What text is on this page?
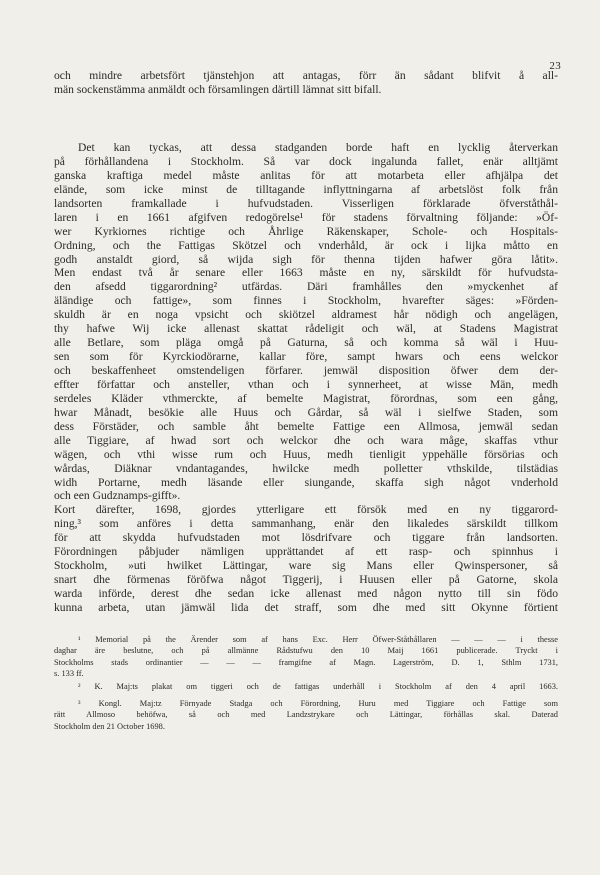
23
och mindre arbetsfört tjänstehjon att antagas, förr än sådant blifvit å all-
män sockenstämma anmäldt och församlingen därtill lämnat sitt bifall.
Det kan tyckas, att dessa stadganden borde haft en lycklig återverkan
på förhållandena i Stockholm. Så var dock ingalunda fallet, enär alltjämt
ganska kraftiga medel måste anlitas för att motarbeta eller afhjälpa det
elände, som icke minst de tilltagande inflyttningarna af arbetslöst folk från
landsorten framkallade i hufvudstaden. Visserligen förklarade öfverståthål-
laren i en 1661 afgifven redogörelse¹ för stadens förvaltning följande: »Öf-
wer Kyrkiornes richtige och Åhrlige Räkenskaper, Schole- och Hospitals-
Ordning, och the Fattigas Skötzel och vnderhåld, är ock i lijka måtto en
godh anstaldt giord, så wijda sigh för thenna tijden hafwer göra låtit».
Men endast två år senare eller 1663 måste en ny, särskildt för hufvudsta-
den afsedd tiggarordning² utfärdas. Däri framhålles den »myckenhet af
äländige och fattige», som finnes i Stockholm, hvarefter säges: »Förden-
skuldh är en noga vpsicht och skiötzel aldramest hår nödigh och angelägen,
thy hafwe Wij icke allenast skattat rådeligit och wäl, at Stadens Magistrat
alle Betlare, som pläga omgå på Gaturna, så och komma så wäl i Huu-
sen som för Kyrckiodörarne, kallar före, sampt hwars och eens welckor
och beskaffenheet omstendeligen förfarer. jemwäl disposition öfwer dem der-
effter författar och ansteller, vthan och i synnerheet, at wisse Män, medh
serdeles Kläder vthmerckte, af bemelte Magistrat, förordnas, som een gång,
hwar Månadt, besökie alle Huus och Gårdar, så wäl i sielfwe Staden, som
dess Förstäder, och samble åht bemelte Fattige een Allmosa, jemwäl sedan
alle Tiggiare, af hwad sort och welckor dhe och wara måge, skaffas vthur
wägen, och vthi wisse rum och Huus, medh tienligit yppehälle försörias och
wårdas, Diäknar vndantagandes, hwilcke medh polletter vthskilde, tilstädias
widh Portarne, medh läsande eller siungande, skaffa sigh något vnderhold
och een Gudznamps-gifft».
Kort därefter, 1698, gjordes ytterligare ett försök med en ny tiggarord-
ning,³ som anföres i detta sammanhang, enär den likaledes särskildt tillkom
för att skydda hufvudstaden mot lösdrifvare och tiggare från landsorten.
Förordningen påbjuder nämligen upprättandet af ett rasp- och spinnhus i
Stockholm, »uti hwilket Lättingar, ware sig Mans eller Qwinspersoner, så
snart dhe förmenas föröfwa något Tiggerij, i Huusen eller på Gatorne, skola
warda införde, derest dhe sedan icke allenast med någon nytto till sin födo
kunna arbeta, utan jämwäl lida det straff, som dhe med sitt Okynne förtient
¹ Memorial på the Ärender som af hans Exc. Herr Öfwer-Ståthållaren — — — i thesse
daghar äre beslutne, och på allmänne Rådstufwu den 10 Maij 1661 publicerade. Tryckt i
Stockholms stads ordinantier — — — framgifne af Magn. Lagerström, D. 1, Sthlm 1731,
s. 133 ff.
² K. Maj:ts plakat om tiggeri och de fattigas underhåll i Stockholm af den 4 april 1663.
³ Kongl. Maj:tz Förnyade Stadga och Förordning, Huru med Tiggiare och Fattige som
rätt Allmoso behöfwa, så och med Landzstrykare och Lättingar, förhållas skal. Daterad
Stockholm den 21 October 1698.
